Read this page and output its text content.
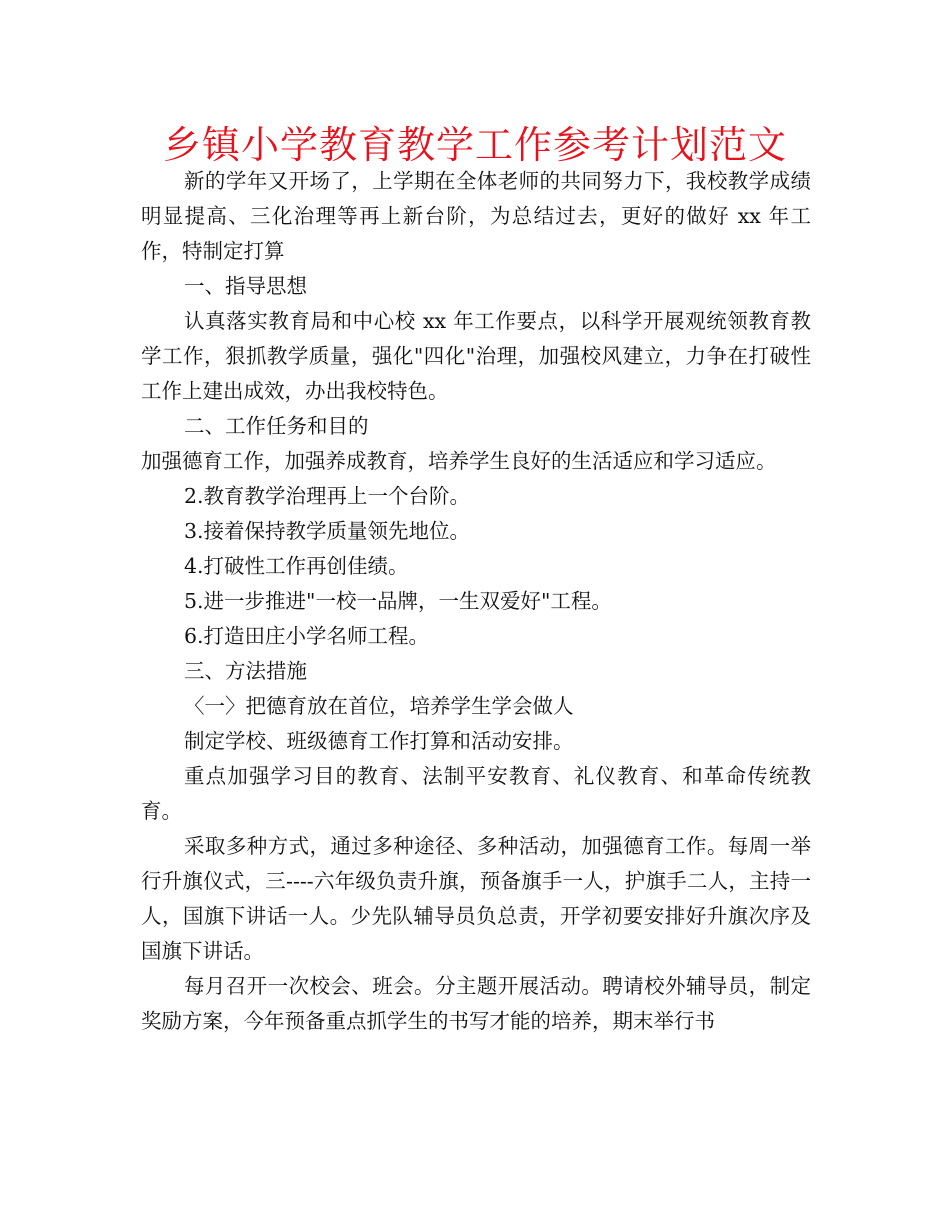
乡镇小学教育教学工作参考计划范文

新的学年又开场了，上学期在全体老师的共同努力下，我校教学成绩明显提高、三化治理等再上新台阶，为总结过去，更好的做好 xx 年工作，特制定打算

一、指导思想

认真落实教育局和中心校 xx 年工作要点，以科学开展观统领教育教学工作，狠抓教学质量，强化"四化"治理，加强校风建立，力争在打破性工作上建出成效，办出我校特色。

二、工作任务和目的

加强德育工作，加强养成教育，培养学生良好的生活适应和学习适应。

2.教育教学治理再上一个台阶。

3.接着保持教学质量领先地位。

4.打破性工作再创佳绩。

5.进一步推进"一校一品牌，一生双爱好"工程。

6.打造田庄小学名师工程。

三、方法措施

〈一〉把德育放在首位，培养学生学会做人

制定学校、班级德育工作打算和活动安排。

重点加强学习目的教育、法制平安教育、礼仪教育、和革命传统教育。

采取多种方式，通过多种途径、多种活动，加强德育工作。每周一举行升旗仪式，三----六年级负责升旗，预备旗手一人，护旗手二人，主持一人，国旗下讲话一人。少先队辅导员负总责，开学初要安排好升旗次序及国旗下讲话。

每月召开一次校会、班会。分主题开展活动。聘请校外辅导员，制定奖励方案，今年预备重点抓学生的书写才能的培养，期末举行书
